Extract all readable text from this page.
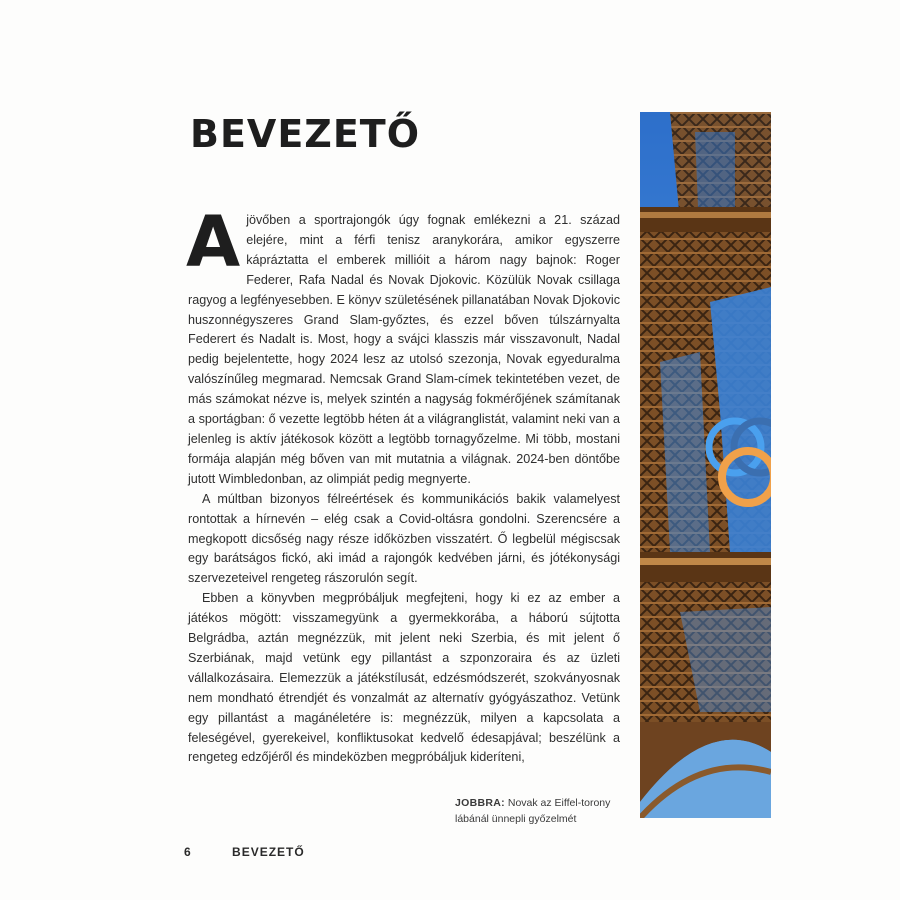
BEVEZETŐ

Ajövőben a sportrajongók úgy fognak emlékezni a 21. század elejére, mint a férfi tenisz aranykorára, amikor egyszerre kápráztatta el emberek millióit a három nagy bajnok: Roger Federer, Rafa Nadal és Novak Djokovic. Közülük Novak csillaga ragyog a legfényesebben. E könyv születésének pillanatában Novak Djokovic huszonnégyszeres Grand Slam-győztes, és ezzel bőven túlszárnyalta Federert és Nadalt is. Most, hogy a svájci klasszis már visszavonult, Nadal pedig bejelentette, hogy 2024 lesz az utolsó szezonja, Novak egyeduralma valószínűleg megmarad. Nemcsak Grand Slam-címek tekintetében vezet, de más számokat nézve is, melyek szintén a nagyság fokmérőjének számítanak a sportágban: ő vezette legtöbb héten át a világranglistát, valamint neki van a jelenleg is aktív játékosok között a legtöbb tornagyőzelme. Mi több, mostani formája alapján még bőven van mit mutatnia a világnak. 2024-ben döntőbe jutott Wimbledonban, az olimpiát pedig megnyerte.

A múltban bizonyos félreértések és kommunikációs bakik valamelyest rontottak a hírnevén – elég csak a Covid-oltásra gondolni. Szerencsére a megkopott dicsőség nagy része időközben visszatért. Ő legbelül mégiscsak egy barátságos fickó, aki imád a rajongók kedvében járni, és jótékonysági szervezeteivel rengeteg rászorulón segít.

Ebben a könyvben megpróbáljuk megfejteni, hogy ki ez az ember a játékos mögött: visszamegyünk a gyermekkorába, a háború sújtotta Belgrádba, aztán megnézzük, mit jelent neki Szerbia, és mit jelent ő Szerbiának, majd vetünk egy pillantást a szponzoraira és az üzleti vállalkozásaira. Elemezzük a játékstílusát, edzésmódszerét, szokványosnak nem mondható étrendjét és vonzalmát az alternatív gyógyászathoz. Vetünk egy pillantást a magánéletére is: megnézzük, milyen a kapcsolata a feleségével, gyerekeivel, konfliktusokat kedvelő édesapjával; beszélünk a rengeteg edzőjéről és mindeközben megpróbáljuk kideríteni,

JOBBRA: Novak az Eiffel-torony lábánál ünnepli győzelmét
6	BEVEZETŐ
